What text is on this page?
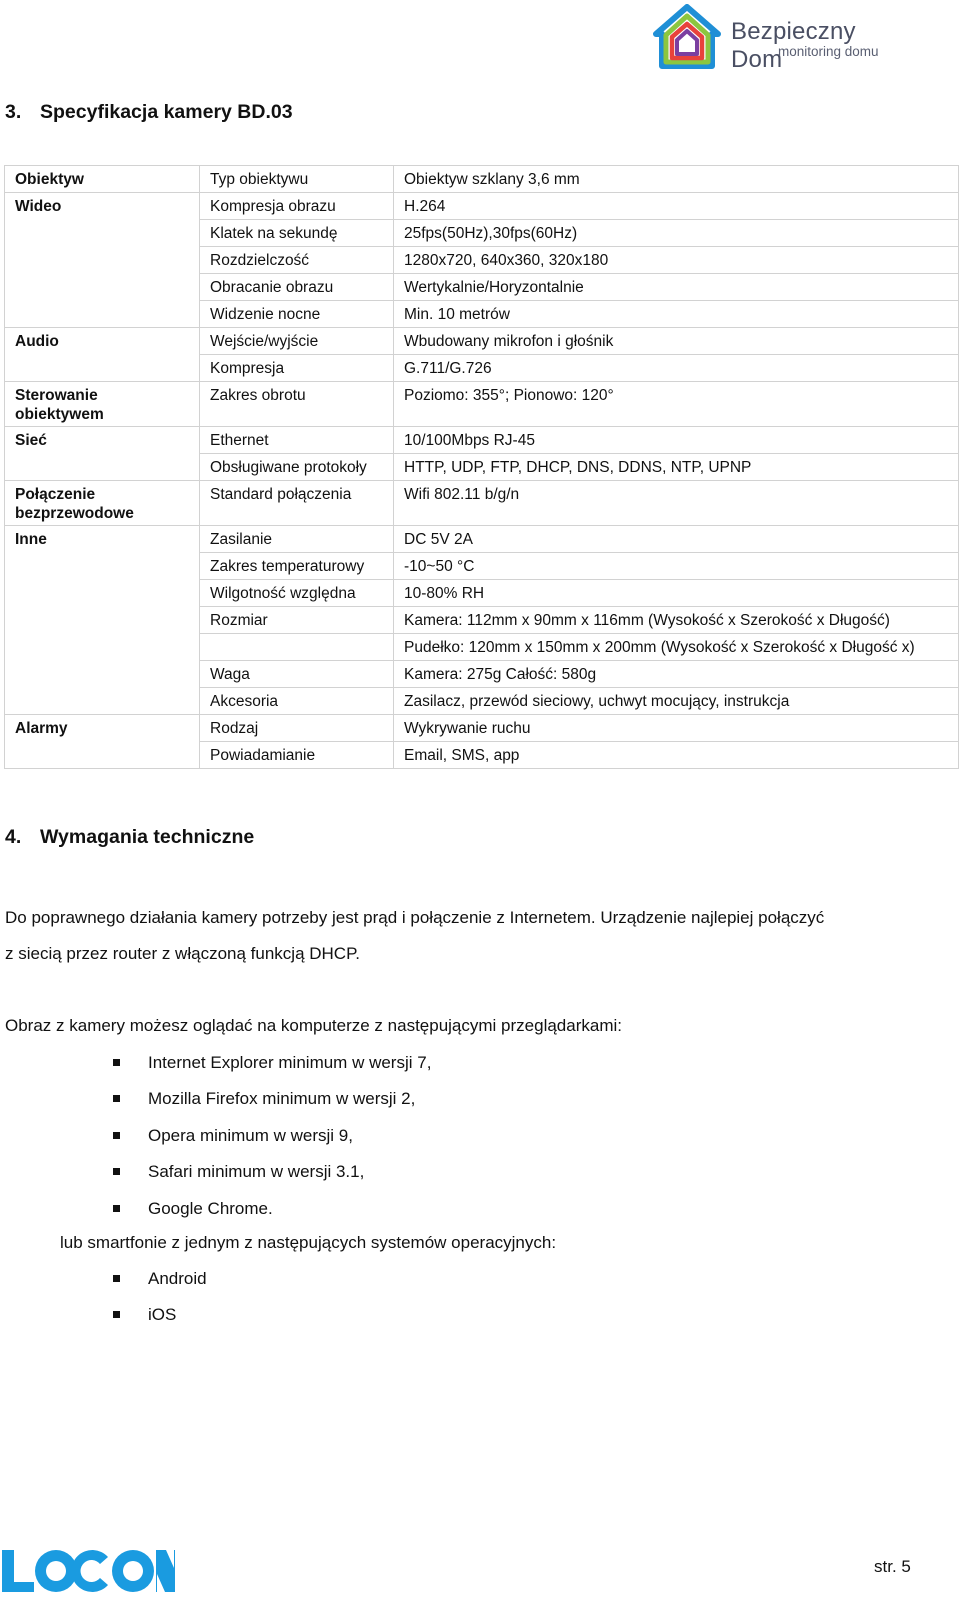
Bezpieczny Dom
monitoring domu
3. Specyfikacja kamery BD.03
Obiektyw	Typ obiektywu	Obiektyw szklany 3,6 mm
Wideo	Kompresja obrazu	H.264
	Klatek na sekundę	25fps(50Hz),30fps(60Hz)
	Rozdzielczość	1280x720, 640x360, 320x180
	Obracanie obrazu	Wertykalnie/Horyzontalnie
	Widzenie nocne	Min. 10 metrów
Audio	Wejście/wyjście	Wbudowany mikrofon i głośnik
	Kompresja	G.711/G.726
Sterowanie obiektywem	Zakres obrotu	Poziomo: 355°; Pionowo: 120°
Sieć	Ethernet	10/100Mbps RJ-45
	Obsługiwane protokoły	HTTP, UDP, FTP, DHCP, DNS, DDNS, NTP, UPNP
Połączenie bezprzewodowe	Standard połączenia	Wifi 802.11 b/g/n
Inne	Zasilanie	DC 5V 2A
	Zakres temperaturowy	-10~50 °C
	Wilgotność względna	10-80% RH
	Rozmiar	Kamera: 112mm x 90mm x 116mm (Wysokość x Szerokość x Długość)
		Pudełko: 120mm x 150mm x 200mm (Wysokość x Szerokość x Długość x)
	Waga	Kamera: 275g Całość: 580g
	Akcesoria	Zasilacz, przewód sieciowy, uchwyt mocujący, instrukcja
Alarmy	Rodzaj	Wykrywanie ruchu
	Powiadamianie	Email, SMS, app
4. Wymagania techniczne
Do poprawnego działania kamery potrzeby jest prąd i połączenie z Internetem. Urządzenie najlepiej połączyć
z siecią przez router z włączoną funkcją DHCP.
Obraz z kamery możesz oglądać na komputerze z następującymi przeglądarkami:
Internet Explorer minimum w wersji 7,
Mozilla Firefox minimum w wersji 2,
Opera minimum w wersji 9,
Safari minimum w wersji 3.1,
Google Chrome.
lub smartfonie z jednym z następujących systemów operacyjnych:
Android
iOS
str. 5
